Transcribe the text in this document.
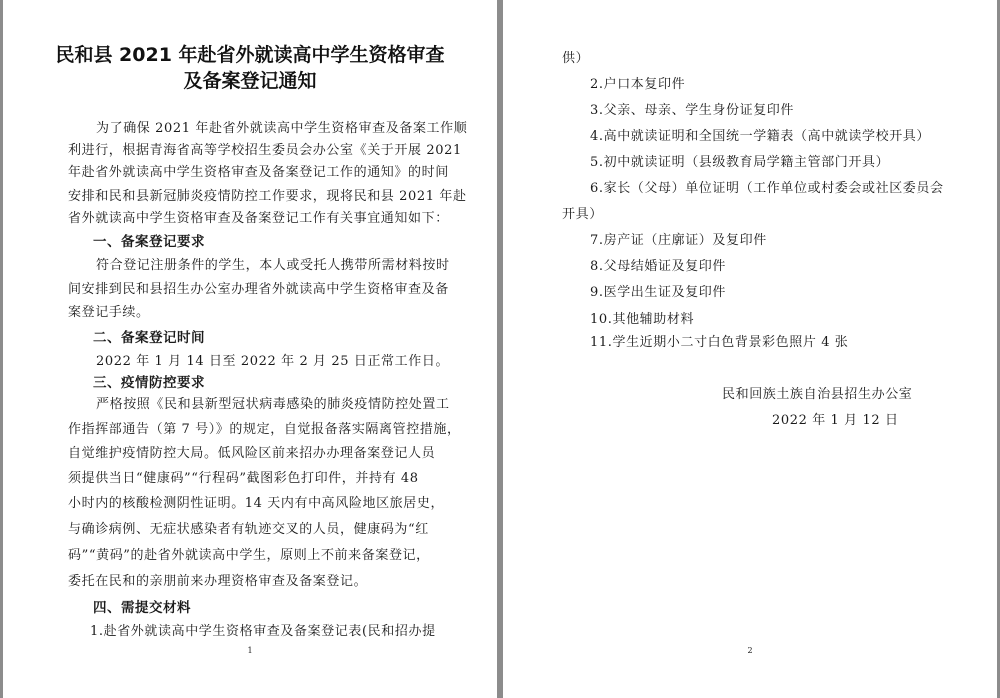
民和县 2021 年赴省外就读高中学生资格审查
及备案登记通知
为了确保 2021 年赴省外就读高中学生资格审查及备案工作顺
利进行，根据青海省高等学校招生委员会办公室《关于开展 2021
年赴省外就读高中学生资格审查及备案登记工作的通知》的时间
安排和民和县新冠肺炎疫情防控工作要求，现将民和县 2021 年赴
省外就读高中学生资格审查及备案登记工作有关事宜通知如下：
一、备案登记要求
符合登记注册条件的学生，本人或受托人携带所需材料按时
间安排到民和县招生办公室办理省外就读高中学生资格审查及备
案登记手续。
二、备案登记时间
2022 年 1 月 14 日至 2022 年 2 月 25 日正常工作日。
三、疫情防控要求
严格按照《民和县新型冠状病毒感染的肺炎疫情防控处置工
作指挥部通告（第 7 号）》的规定，自觉报备落实隔离管控措施，
自觉维护疫情防控大局。低风险区前来招办办理备案登记人员
须提供当日“健康码”“行程码”截图彩色打印件，并持有 48
小时内的核酸检测阴性证明。14 天内有中高风险地区旅居史，
与确诊病例、无症状感染者有轨迹交叉的人员，健康码为“红
码”“黄码”的赴省外就读高中学生，原则上不前来备案登记，
委托在民和的亲朋前来办理资格审查及备案登记。
四、需提交材料
1.赴省外就读高中学生资格审查及备案登记表(民和招办提
1
供）
2.户口本复印件
3.父亲、母亲、学生身份证复印件
4.高中就读证明和全国统一学籍表（高中就读学校开具）
5.初中就读证明（县级教育局学籍主管部门开具）
6.家长（父母）单位证明（工作单位或村委会或社区委员会
开具）
7.房产证（庄廓证）及复印件
8.父母结婚证及复印件
9.医学出生证及复印件
10.其他辅助材料
11.学生近期小二寸白色背景彩色照片 4 张
民和回族土族自治县招生办公室
2022 年 1 月 12 日
2
